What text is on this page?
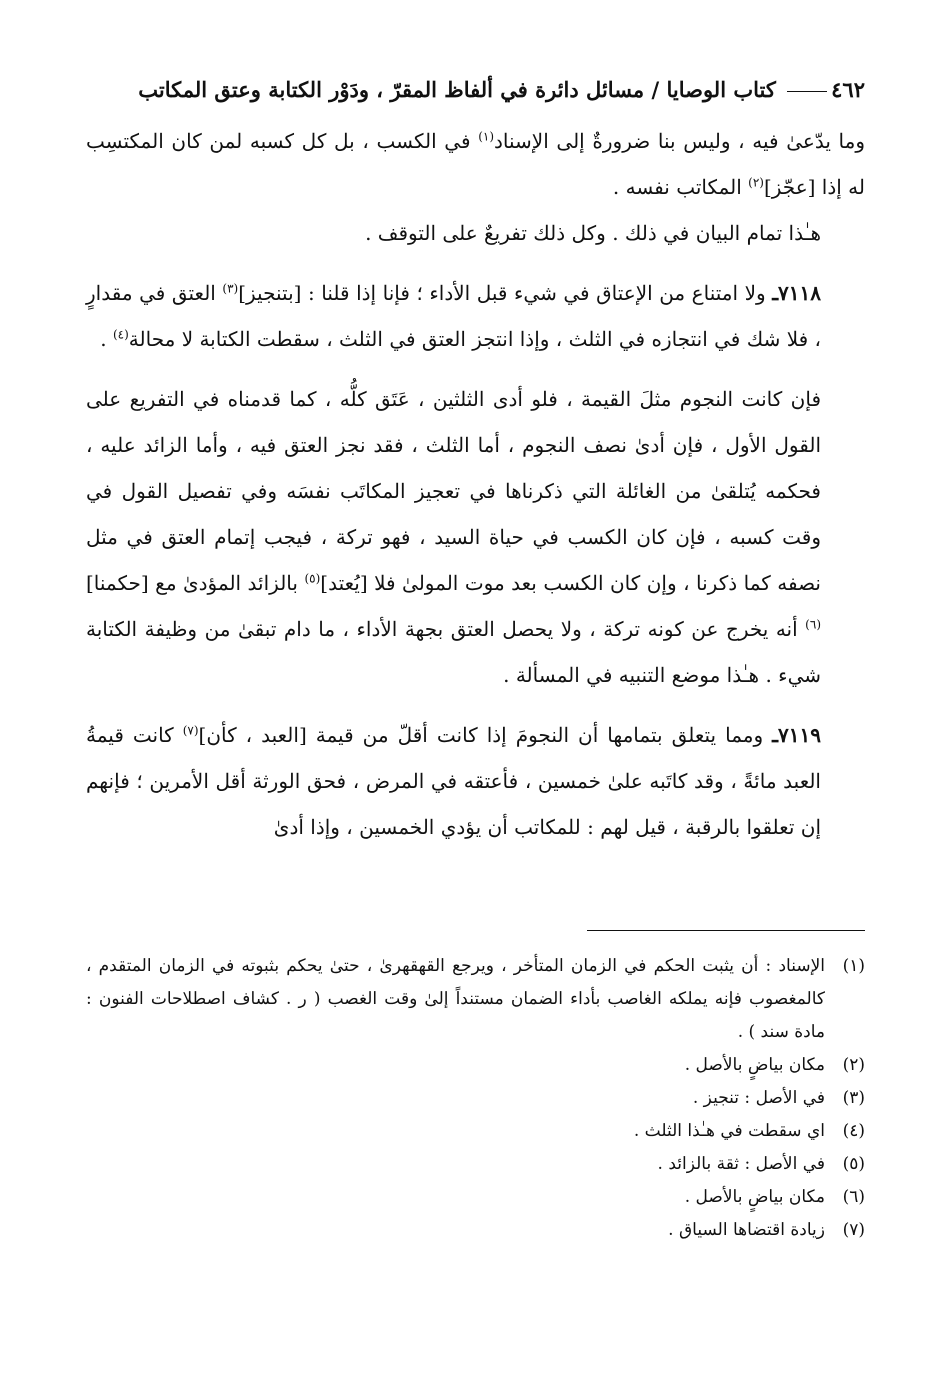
٤٦٢ كتاب الوصايا / مسائل دائرة في ألفاظ المقرّ ، ودَوْر الكتابة وعتق المكاتب

وما يدّعىٰ فيه ، وليس بنا ضرورةٌ إلى الإسناد$^{(١)}$ في الكسب ، بل كل كسبه لمن كان المكتسِب له إذا [عجّز]$^{(٢)}$ المكاتب نفسه .

هـٰذا تمام البيان في ذلك . وكل ذلك تفريعٌ على التوقف .

٧١١٨ـ ولا امتناع من الإعتاق في شيء قبل الأداء ؛ فإنا إذا قلنا : [بتنجيز]$^{(٣)}$ العتق في مقدارٍ ، فلا شك في انتجازه في الثلث ، وإذا انتجز العتق في الثلث ، سقطت الكتابة لا محالة$^{(٤)}$ .

فإن كانت النجوم مثلَ القيمة ، فلو أدى الثلثين ، عَتَق كلُّه ، كما قدمناه في التفريع على القول الأول ، فإن أدىٰ نصف النجوم ، أما الثلث ، فقد نجز العتق فيه ، وأما الزائد عليه ، فحكمه يُتلقىٰ من الغائلة التي ذكرناها في تعجيز المكاتَب نفسَه وفي تفصيل القول في وقت كسبه ، فإن كان الكسب في حياة السيد ، فهو تركة ، فيجب إتمام العتق في مثل نصفه كما ذكرنا ، وإن كان الكسب بعد موت المولىٰ فلا [يُعتد]$^{(٥)}$ بالزائد المؤدىٰ مع [حكمنا]$^{(٦)}$ أنه يخرج عن كونه تركة ، ولا يحصل العتق بجهة الأداء ، ما دام تبقىٰ من وظيفة الكتابة شيء . هـٰذا موضع التنبيه في المسألة .

٧١١٩ـ ومما يتعلق بتمامها أن النجومَ إذا كانت أقلّ من قيمة [العبد ، كأن]$^{(٧)}$ كانت قيمةُ العبد مائةً ، وقد كاتَبه علىٰ خمسين ، فأعتقه في المرض ، فحق الورثة أقل الأمرين ؛ فإنهم إن تعلقوا بالرقبة ، قيل لهم : للمكاتب أن يؤدي الخمسين ، وإذا أدىٰ

(١)
الإسناد : أن يثبت الحكم في الزمان المتأخر ، ويرجع القهقهرىٰ ، حتىٰ يحكم بثبوته في الزمان المتقدم ، كالمغصوب فإنه يملكه الغاصب بأداء الضمان مستنداً إلىٰ وقت الغصب ( ر . كشاف اصطلاحات الفنون : مادة سند ) .
(٢)
مكان بياضٍ بالأصل .
(٣)
في الأصل : تنجيز .
(٤)
اي سقطت في هـٰذا الثلث .
(٥)
في الأصل : ثقة بالزائد .
(٦)
مكان بياضٍ بالأصل .
(٧)
زيادة اقتضاها السياق .
